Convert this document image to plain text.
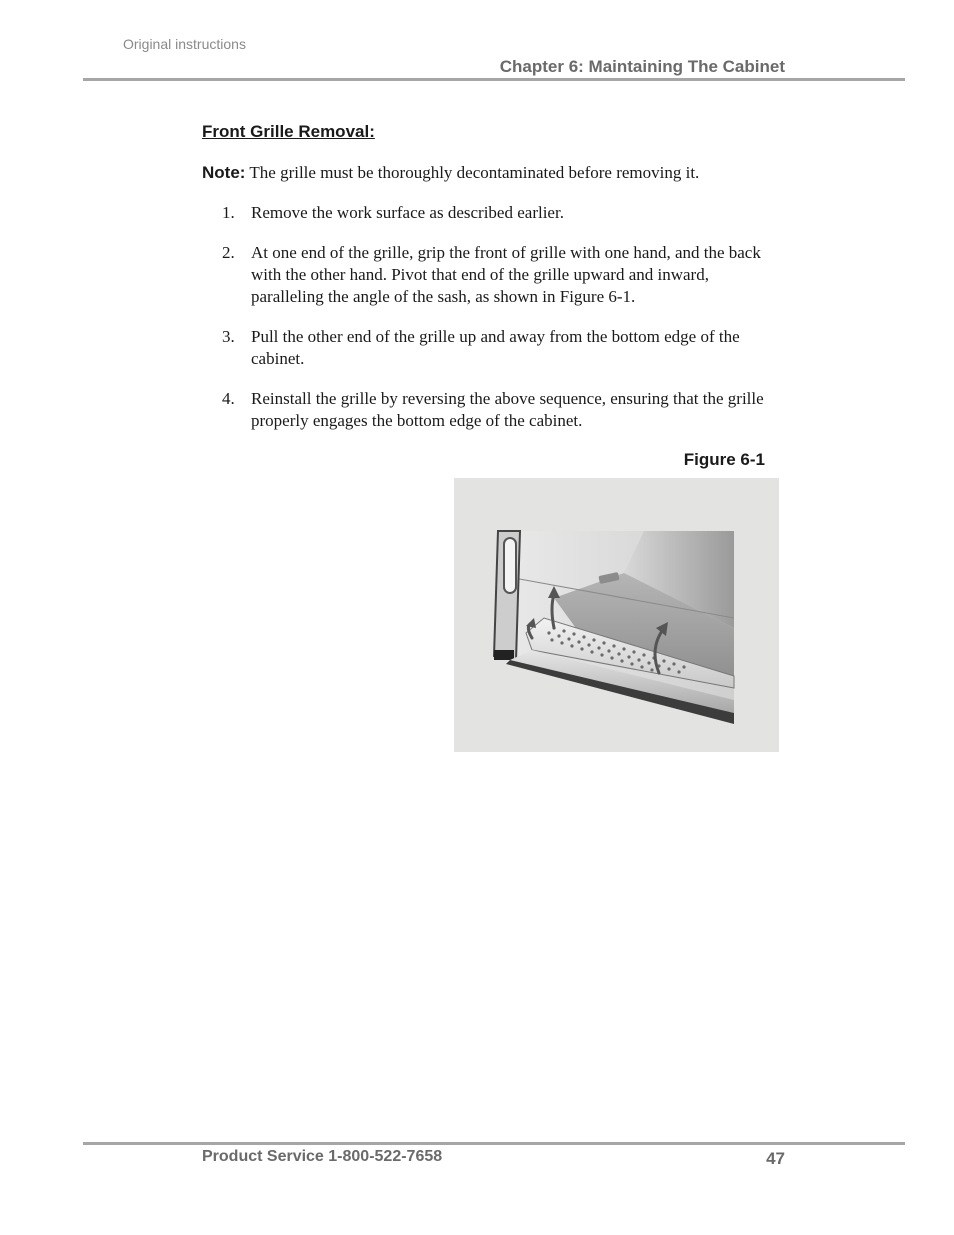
Original instructions
Chapter 6: Maintaining The Cabinet
Front Grille Removal:
Note: The grille must be thoroughly decontaminated before removing it.
1. Remove the work surface as described earlier.
2. At one end of the grille, grip the front of grille with one hand, and the back with the other hand. Pivot that end of the grille upward and inward, paralleling the angle of the sash, as shown in Figure 6-1.
3. Pull the other end of the grille up and away from the bottom edge of the cabinet.
4. Reinstall the grille by reversing the above sequence, ensuring that the grille properly engages the bottom edge of the cabinet.
Figure 6-1
Product Service 1-800-522-7658	47
